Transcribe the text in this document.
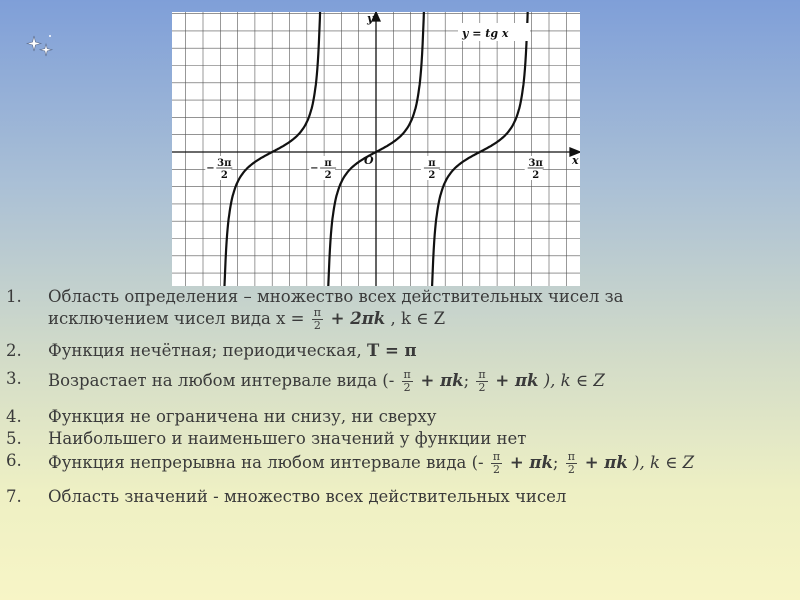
y = tg x
y
x
O
− 3π
2
− π
2
π
2
3π
2
1. Область определения – множество всех действительных чисел за
исключением чисел вида $x = \frac{\pi}{2} + 2\pi k$ , k ∈ Z
2. Функция нечётная; периодическая, T = π
3. Возрастает на любом интервале вида (- $\frac{\pi}{2} + \pi k$; $\frac{\pi}{2} + \pi k$ ), k ∈ Z
4. Функция не ограничена ни снизу, ни сверху
5. Наибольшего и наименьшего значений у функции нет
6. Функция непрерывна на любом интервале вида (- $\frac{\pi}{2} + \pi k$; $\frac{\pi}{2} + \pi k$ ), k ∈ Z
7. Область значений - множество всех действительных чисел
